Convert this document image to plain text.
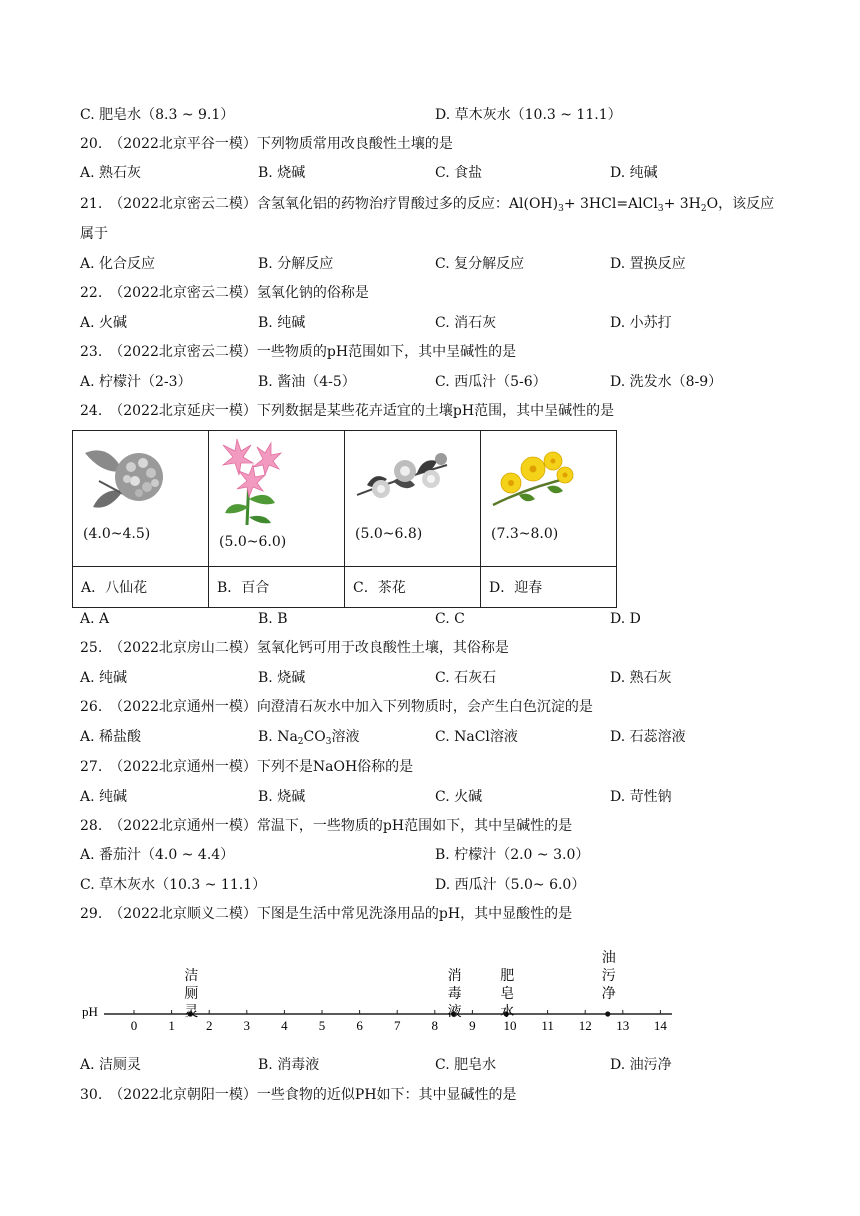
C. 肥皂水（8.3 ~ 9.1）	D. 草木灰水（10.3 ~ 11.1）
20.　（2022北京平谷一模）下列物质常用改良酸性土壤的是
A. 熟石灰	B. 烧碱	C. 食盐	D. 纯碱
21.　（2022北京密云二模）含氢氧化铝的药物治疗胃酸过多的反应：$Al(OH)_3+$ 3HCl=AlCl$_3$+ $3H_2O$，该反应
属于
A. 化合反应	B. 分解反应	C. 复分解反应	D. 置换反应
22.　（2022北京密云二模）氢氧化钠的俗称是
A. 火碱	B. 纯碱	C. 消石灰	D. 小苏打
23.　（2022北京密云二模）一些物质的pH范围如下，其中呈碱性的是
A. 柠檬汁（2-3）	B. 酱油（4-5）	C. 西瓜汁（5-6）	D. 洗发水（8-9）
24.　（2022北京延庆一模）下列数据是某些花卉适宜的土壤pH范围，其中呈碱性的是
(4.0~4.5)	(5.0~6.0)	(5.0~6.8)	(7.3~8.0)

A．八仙花	B．百合	C．茶花	D．迎春
A. A	B. B	C. C	D. D
25.　（2022北京房山二模）氢氧化钙可用于改良酸性土壤，其俗称是
A. 纯碱	B. 烧碱	C. 石灰石	D. 熟石灰
26.　（2022北京通州一模）向澄清石灰水中加入下列物质时，会产生白色沉淀的是
A. 稀盐酸	B. $Na_2CO_3$溶液	C. NaCl溶液	D. 石蕊溶液
27.　（2022北京通州一模）下列不是NaOH俗称的是
A. 纯碱	B. 烧碱	C. 火碱	D. 苛性钠
28.　（2022北京通州一模）常温下，一些物质的pH范围如下，其中呈碱性的是
A. 番茄汁（4.0 ~ 4.4）	B. 柠檬汁（2.0 ~ 3.0）
C. 草木灰水（10.3 ~ 11.1）	D. 西瓜汁（5.0~ 6.0）
29.　（2022北京顺义二模）下图是生活中常见洗涤用品的pH，其中显酸性的是
pH
0 1 2 3 4 5 6 7 8 9 10 11 12 13 14
洁
厕
灵
消
毒
液
肥
皂
水
油
污
净
A. 洁厕灵	B. 消毒液	C. 肥皂水	D. 油污净
30.　（2022北京朝阳一模）一些食物的近似PH如下：其中显碱性的是
